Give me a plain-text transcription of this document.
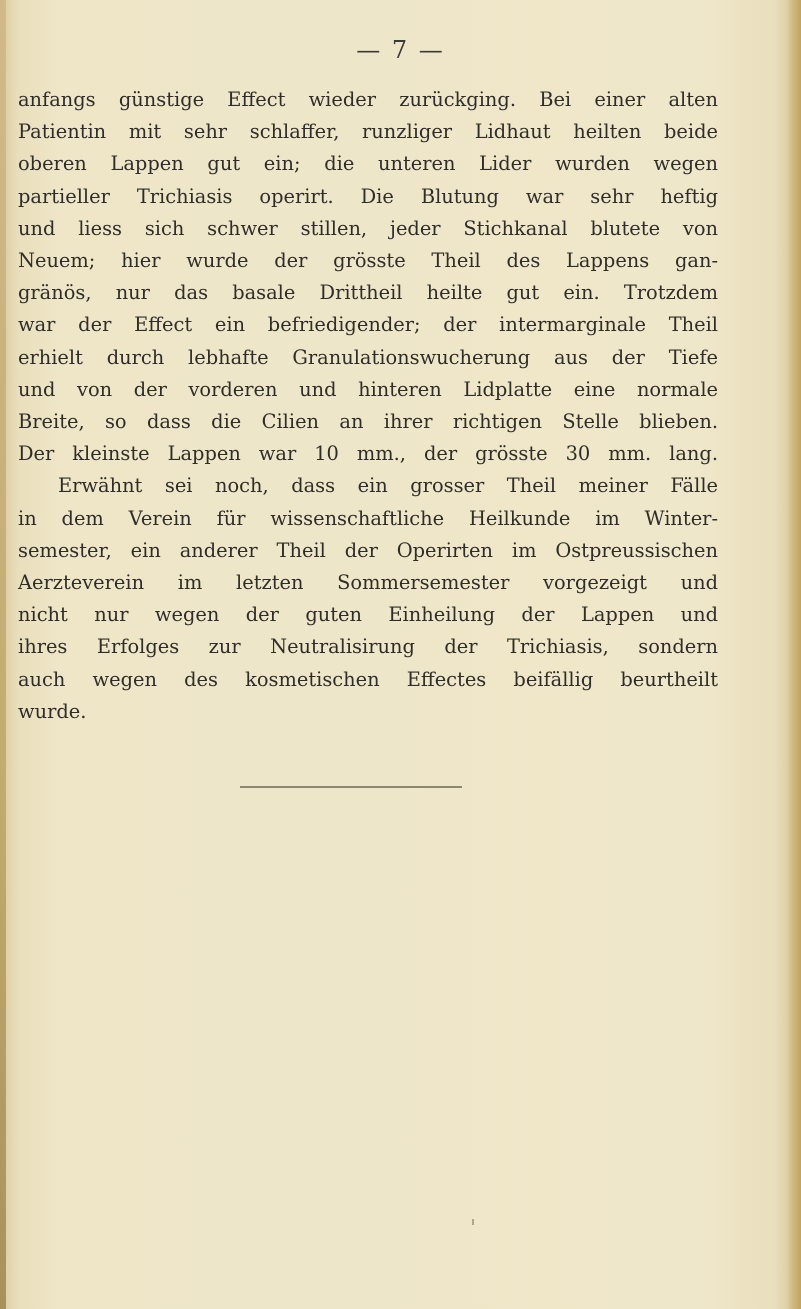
— 7 —
anfangs günstige Effect wieder zurückging. Bei einer alten
Patientin mit sehr schlaffer, runzliger Lidhaut heilten beide
oberen Lappen gut ein; die unteren Lider wurden wegen
partieller Trichiasis operirt. Die Blutung war sehr heftig
und liess sich schwer stillen, jeder Stichkanal blutete von
Neuem; hier wurde der grösste Theil des Lappens gan-
gränös, nur das basale Drittheil heilte gut ein. Trotzdem
war der Effect ein befriedigender; der intermarginale Theil
erhielt durch lebhafte Granulationswucherung aus der Tiefe
und von der vorderen und hinteren Lidplatte eine normale
Breite, so dass die Cilien an ihrer richtigen Stelle blieben.
Der kleinste Lappen war 10 mm., der grösste 30 mm. lang.
Erwähnt sei noch, dass ein grosser Theil meiner Fälle
in dem Verein für wissenschaftliche Heilkunde im Winter-
semester, ein anderer Theil der Operirten im Ostpreussischen
Aerzteverein im letzten Sommersemester vorgezeigt und
nicht nur wegen der guten Einheilung der Lappen und
ihres Erfolges zur Neutralisirung der Trichiasis, sondern
auch wegen des kosmetischen Effectes beifällig beurtheilt
wurde.
